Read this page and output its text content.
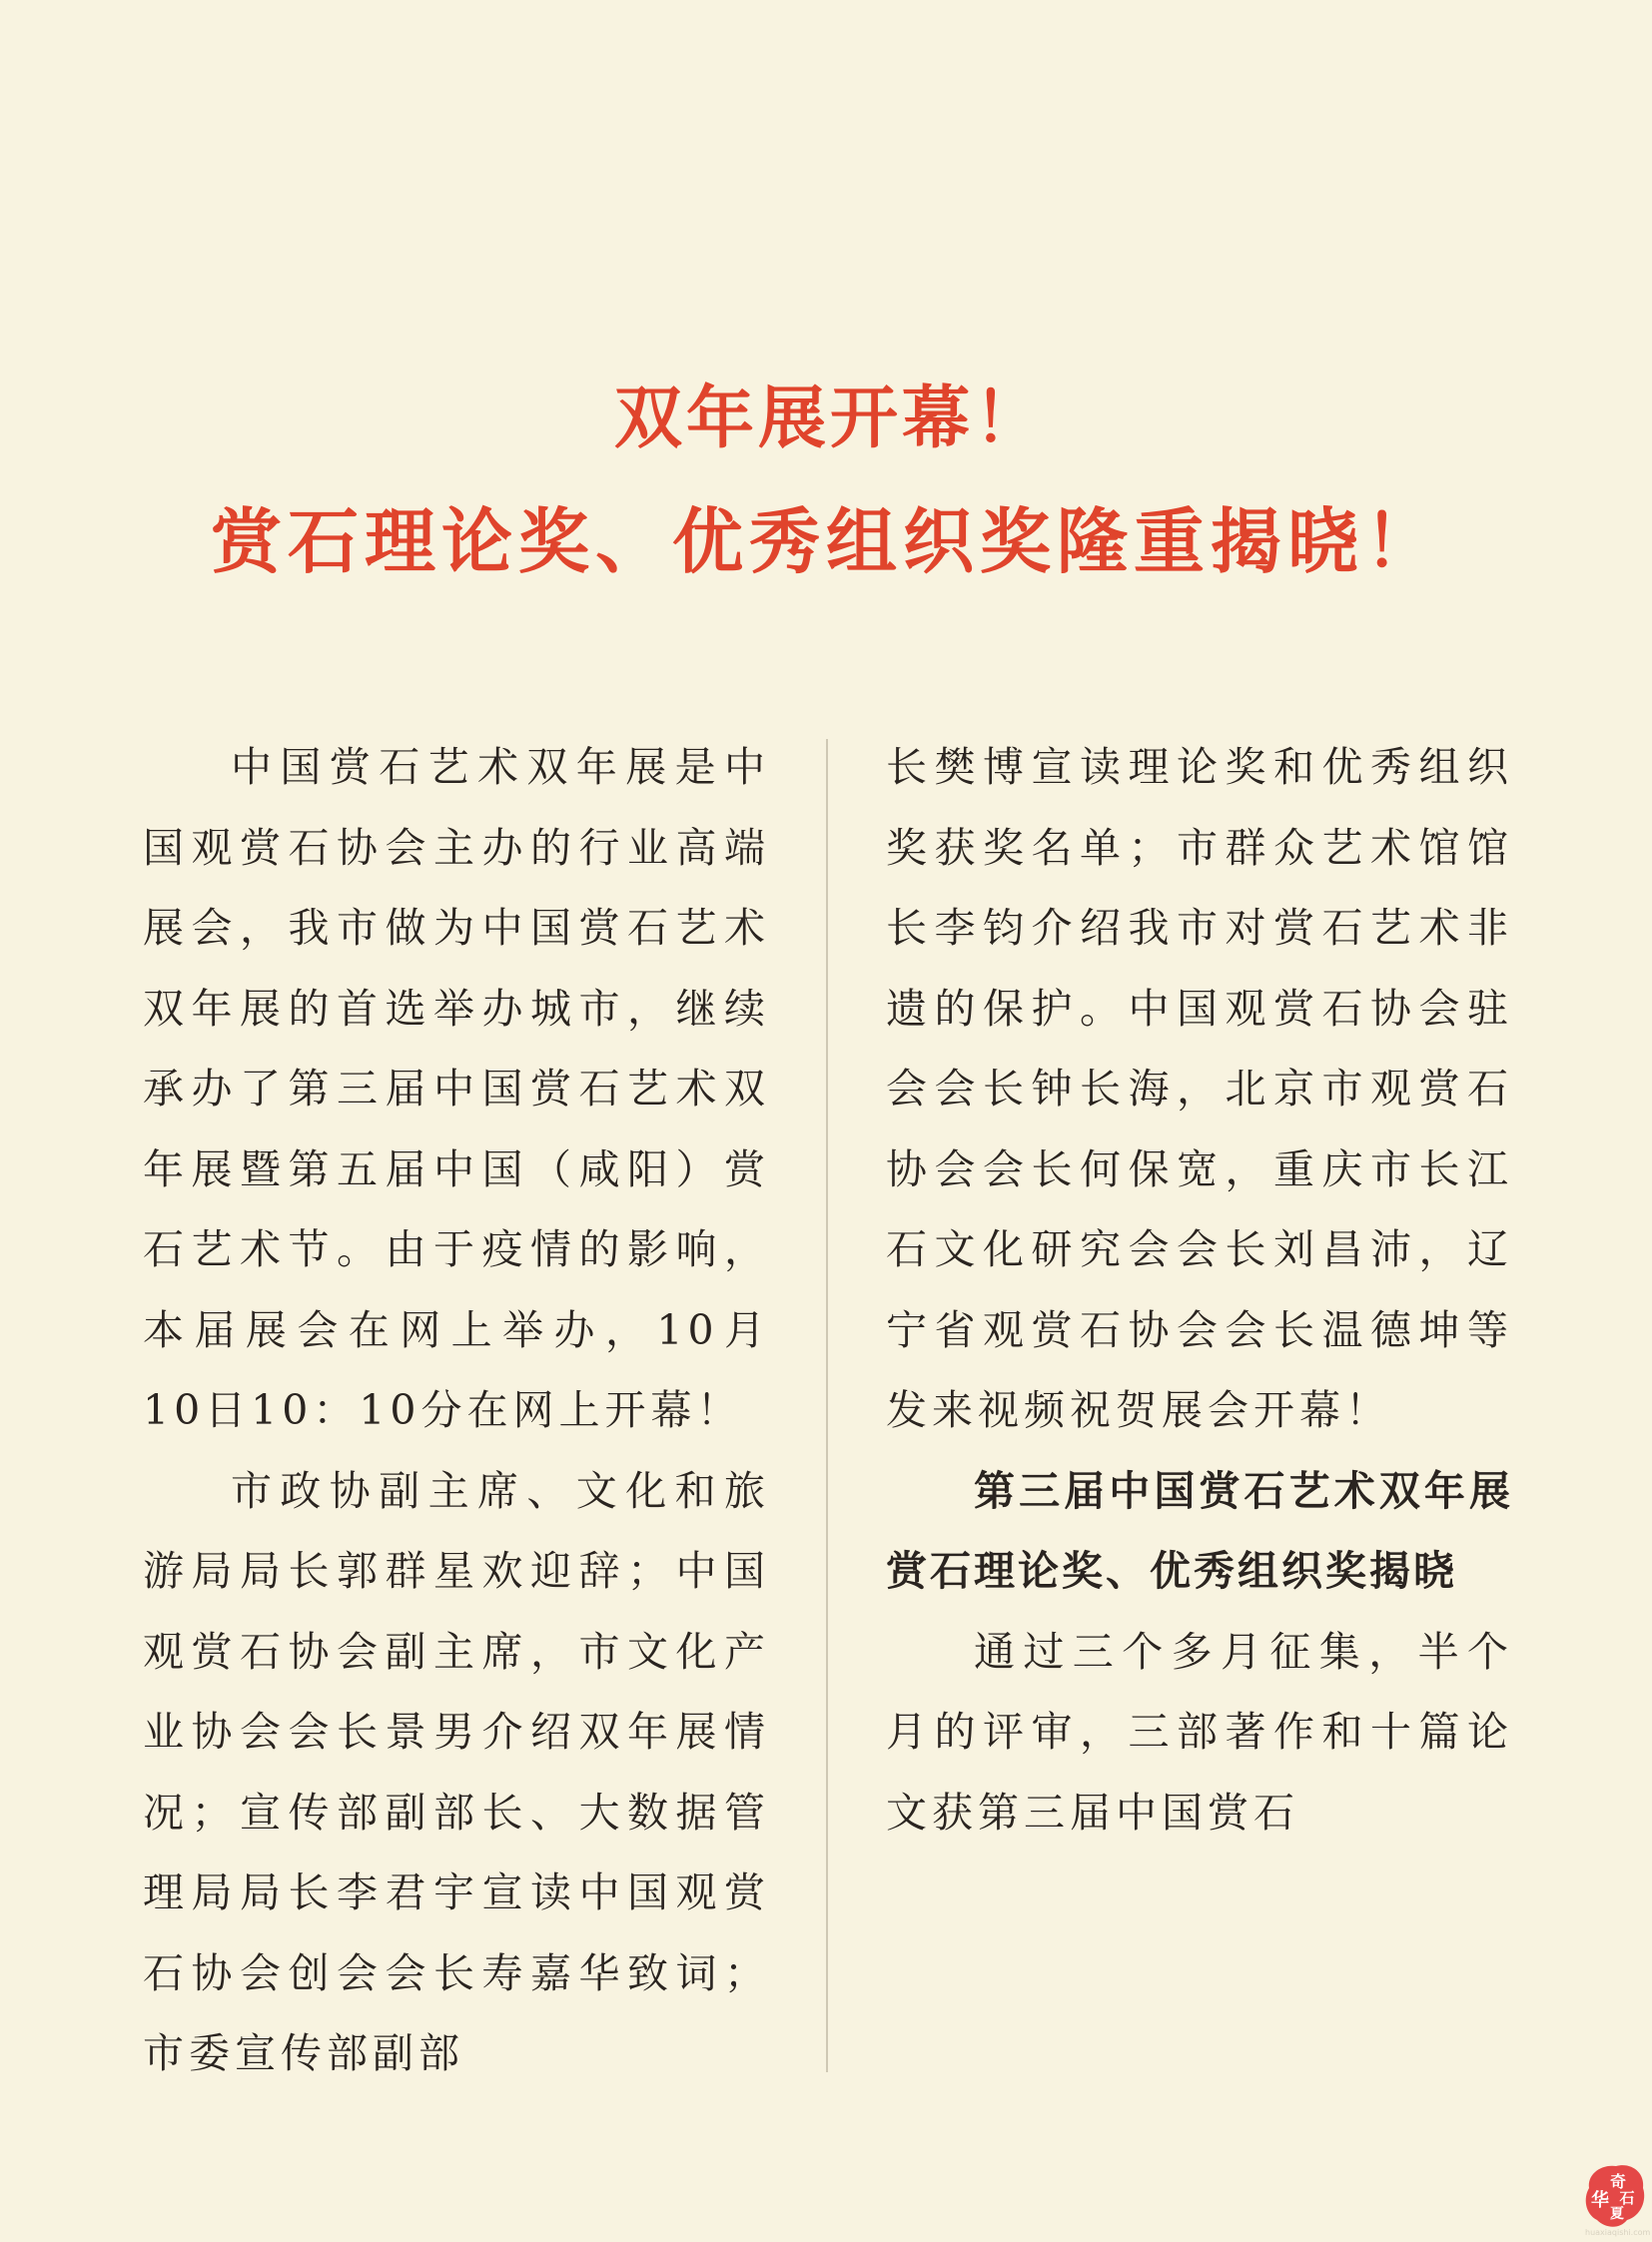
双年展开幕！
赏石理论奖、优秀组织奖隆重揭晓！

中国赏石艺术双年展是中国观赏石协会主办的行业高端展会，我市做为中国赏石艺术双年展的首选举办城市，继续承办了第三届中国赏石艺术双年展暨第五届中国（咸阳）赏石艺术节。由于疫情的影响，本届展会在网上举办，10月10日10：10分在网上开幕！

市政协副主席、文化和旅游局局长郭群星欢迎辞；中国观赏石协会副主席，市文化产业协会会长景男介绍双年展情况；宣传部副部长、大数据管理局局长李君宇宣读中国观赏石协会创会会长寿嘉华致词；市委宣传部副部

长樊博宣读理论奖和优秀组织奖获奖名单；市群众艺术馆馆长李钧介绍我市对赏石艺术非遗的保护。中国观赏石协会驻会会长钟长海，北京市观赏石协会会长何保宽，重庆市长江石文化研究会会长刘昌沛，辽宁省观赏石协会会长温德坤等发来视频祝贺展会开幕！

第三届中国赏石艺术双年展赏石理论奖、优秀组织奖揭晓

通过三个多月征集，半个月的评审，三部著作和十篇论文获第三届中国赏石

奇
华 石
夏
huaxiaqishi.com
